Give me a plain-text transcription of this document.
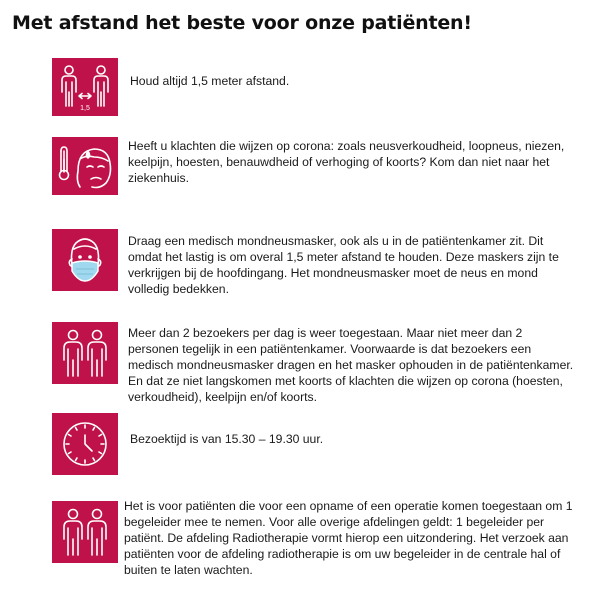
Met afstand het beste voor onze patiënten!
1,5
Houd altijd 1,5 meter afstand.
Heeft u klachten die wijzen op corona: zoals neusverkoudheid, loopneus, niezen, keelpijn, hoesten, benauwdheid of verhoging of koorts? Kom dan niet naar het ziekenhuis.
Draag een medisch mondneusmasker, ook als u in de patiëntenkamer zit. Dit omdat het lastig is om overal 1,5 meter afstand te houden. Deze maskers zijn te verkrijgen bij de hoofdingang. Het mondneusmasker moet de neus en mond volledig bedekken.
Meer dan 2 bezoekers per dag is weer toegestaan. Maar niet meer dan 2 personen tegelijk in een patiëntenkamer. Voorwaarde is dat bezoekers een medisch mondneusmasker dragen en het masker ophouden in de patiëntenkamer. En dat ze niet langskomen met koorts of klachten die wijzen op corona (hoesten, verkoudheid), keelpijn en/of koorts.
Bezoektijd is van 15.30 – 19.30 uur.
Het is voor patiënten die voor een opname of een operatie komen toegestaan om 1 begeleider mee te nemen. Voor alle overige afdelingen geldt: 1 begeleider per patiënt. De afdeling Radiotherapie vormt hierop een uitzondering. Het verzoek aan patiënten voor de afdeling radiotherapie is om uw begeleider in de centrale hal of buiten te laten wachten.
